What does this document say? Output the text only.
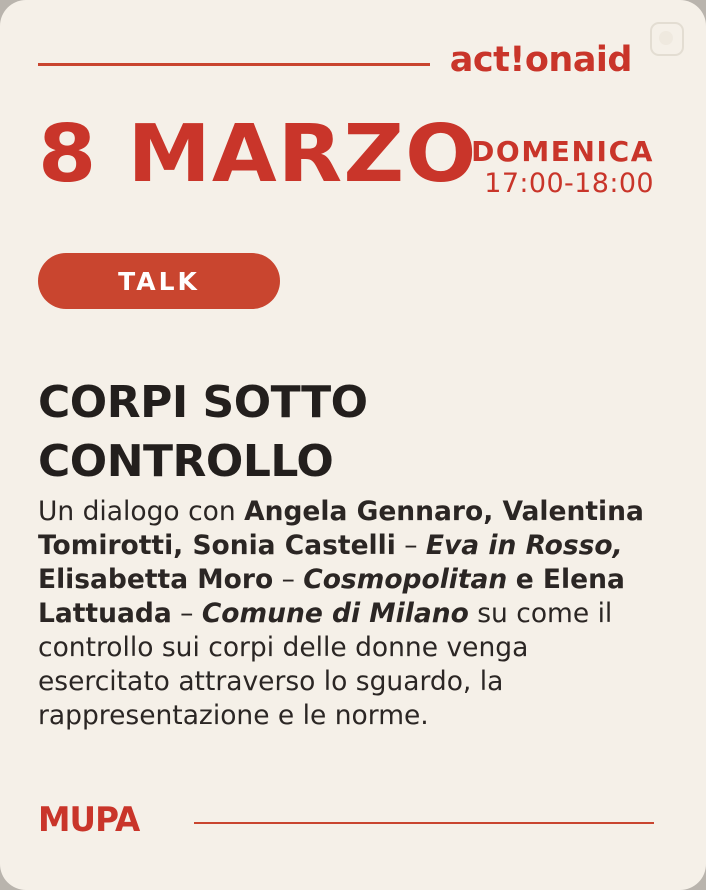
act!onaid
8 MARZO
DOMENICA
17:00-18:00
TALK
CORPI SOTTO CONTROLLO
Un dialogo con Angela Gennaro, Valentina Tomirotti, Sonia Castelli – Eva in Rosso, Elisabetta Moro – Cosmopolitan e Elena Lattuada – Comune di Milano su come il controllo sui corpi delle donne venga esercitato attraverso lo sguardo, la rappresentazione e le norme.
MUPA
